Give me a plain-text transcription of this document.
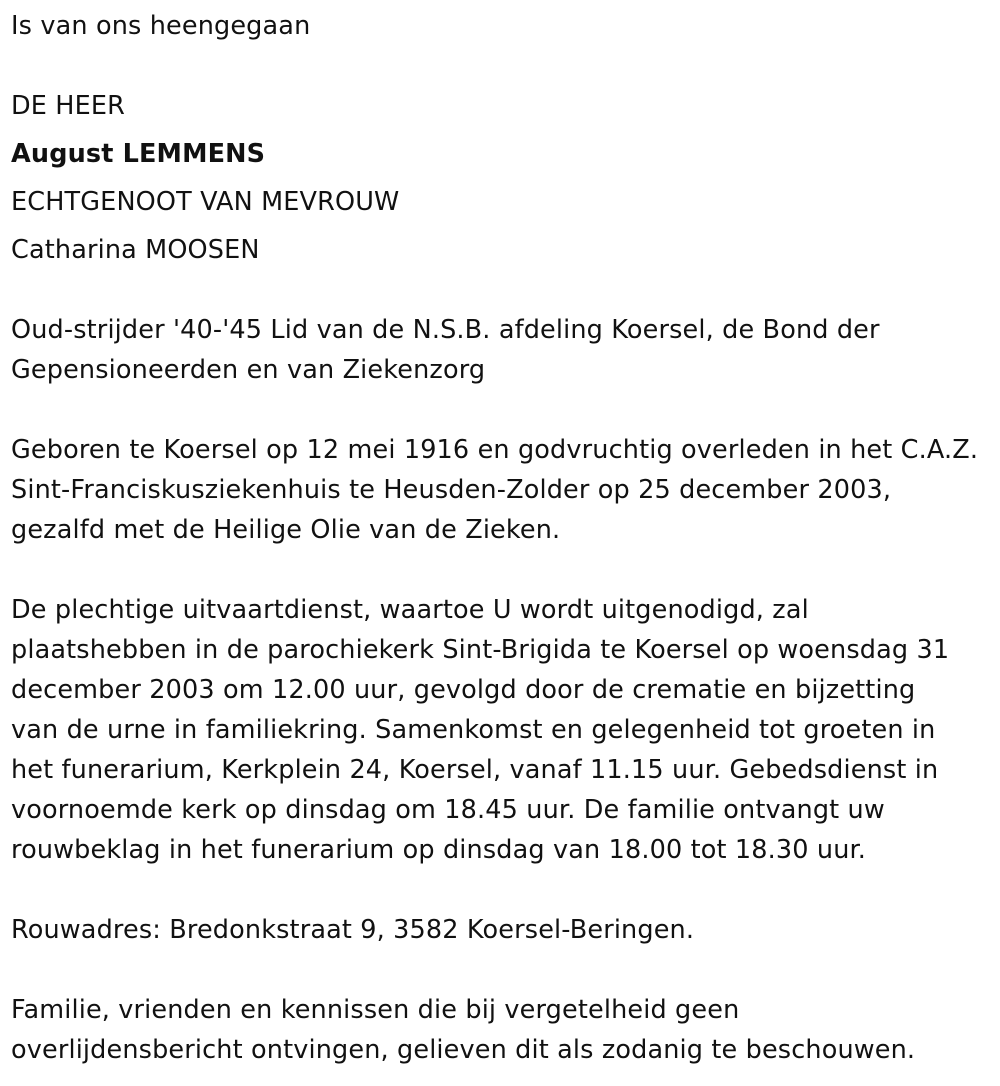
Is van ons heengegaan
DE HEER
August LEMMENS
ECHTGENOOT VAN MEVROUW
Catharina MOOSEN
Oud-strijder '40-'45 Lid van de N.S.B. afdeling Koersel, de Bond der
Gepensioneerden en van Ziekenzorg
Geboren te Koersel op 12 mei 1916 en godvruchtig overleden in het C.A.Z.
Sint-Franciskusziekenhuis te Heusden-Zolder op 25 december 2003,
gezalfd met de Heilige Olie van de Zieken.
De plechtige uitvaartdienst, waartoe U wordt uitgenodigd, zal
plaatshebben in de parochiekerk Sint-Brigida te Koersel op woensdag 31
december 2003 om 12.00 uur, gevolgd door de crematie en bijzetting
van de urne in familiekring. Samenkomst en gelegenheid tot groeten in
het funerarium, Kerkplein 24, Koersel, vanaf 11.15 uur. Gebedsdienst in
voornoemde kerk op dinsdag om 18.45 uur. De familie ontvangt uw
rouwbeklag in het funerarium op dinsdag van 18.00 tot 18.30 uur.
Rouwadres: Bredonkstraat 9, 3582 Koersel-Beringen.
Familie, vrienden en kennissen die bij vergetelheid geen
overlijdensbericht ontvingen, gelieven dit als zodanig te beschouwen.
